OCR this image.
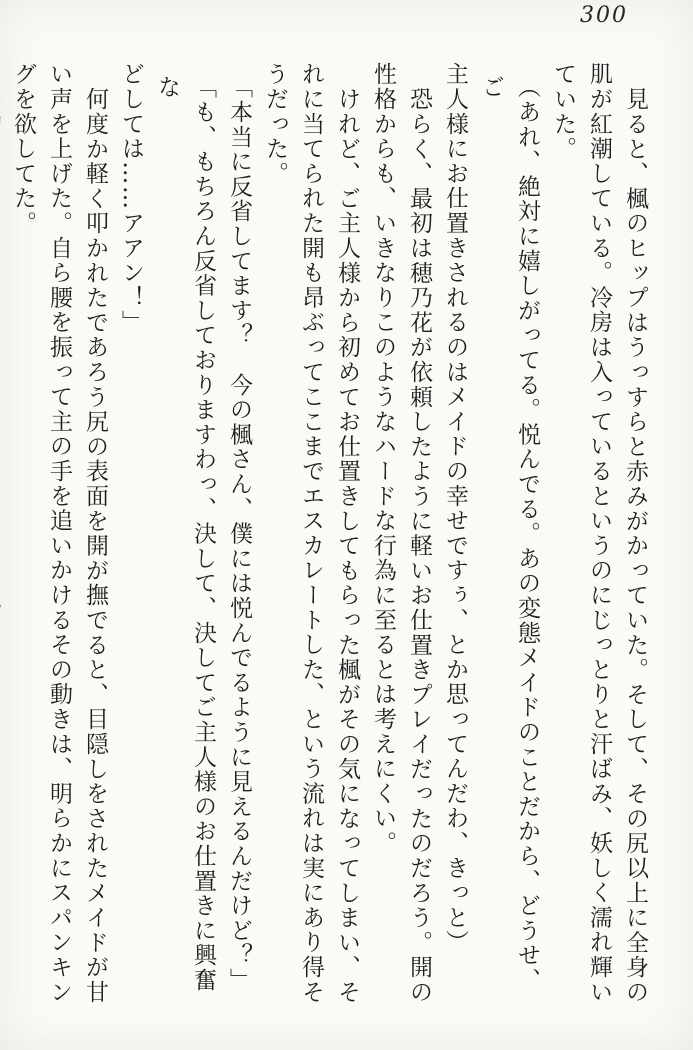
300
見ると、楓のヒップはうっすらと赤みがかっていた。そして、その尻以上に全身の
肌が紅潮している。冷房は入っているというのにじっとりと汗ばみ、妖しく濡れ輝い
ていた。
（あれ、絶対に嬉しがってる。悦んでる。あの変態メイドのことだから、どうせ、ご
主人様にお仕置きされるのはメイドの幸せですぅ、とか思ってんだわ、きっと）
恐らく、最初は穂乃花が依頼したように軽いお仕置きプレイだったのだろう。開の
性格からも、いきなりこのようなハードな行為に至るとは考えにくい。
けれど、ご主人様から初めてお仕置きしてもらった楓がその気になってしまい、そ
れに当てられた開も昂ぶってここまでエスカレートした、という流れは実にあり得そ
うだった。
「本当に反省してます？　今の楓さん、僕には悦んでるように見えるんだけど？」
「も、もちろん反省しておりますわっ、決して、決してご主人様のお仕置きに興奮な
どしては……アアン！」
何度か軽く叩かれたであろう尻の表面を開が撫でると、目隠しをされたメイドが甘
い声を上げた。自ら腰を振って主の手を追いかけるその動きは、明らかにスパンキン
グを欲してた。
